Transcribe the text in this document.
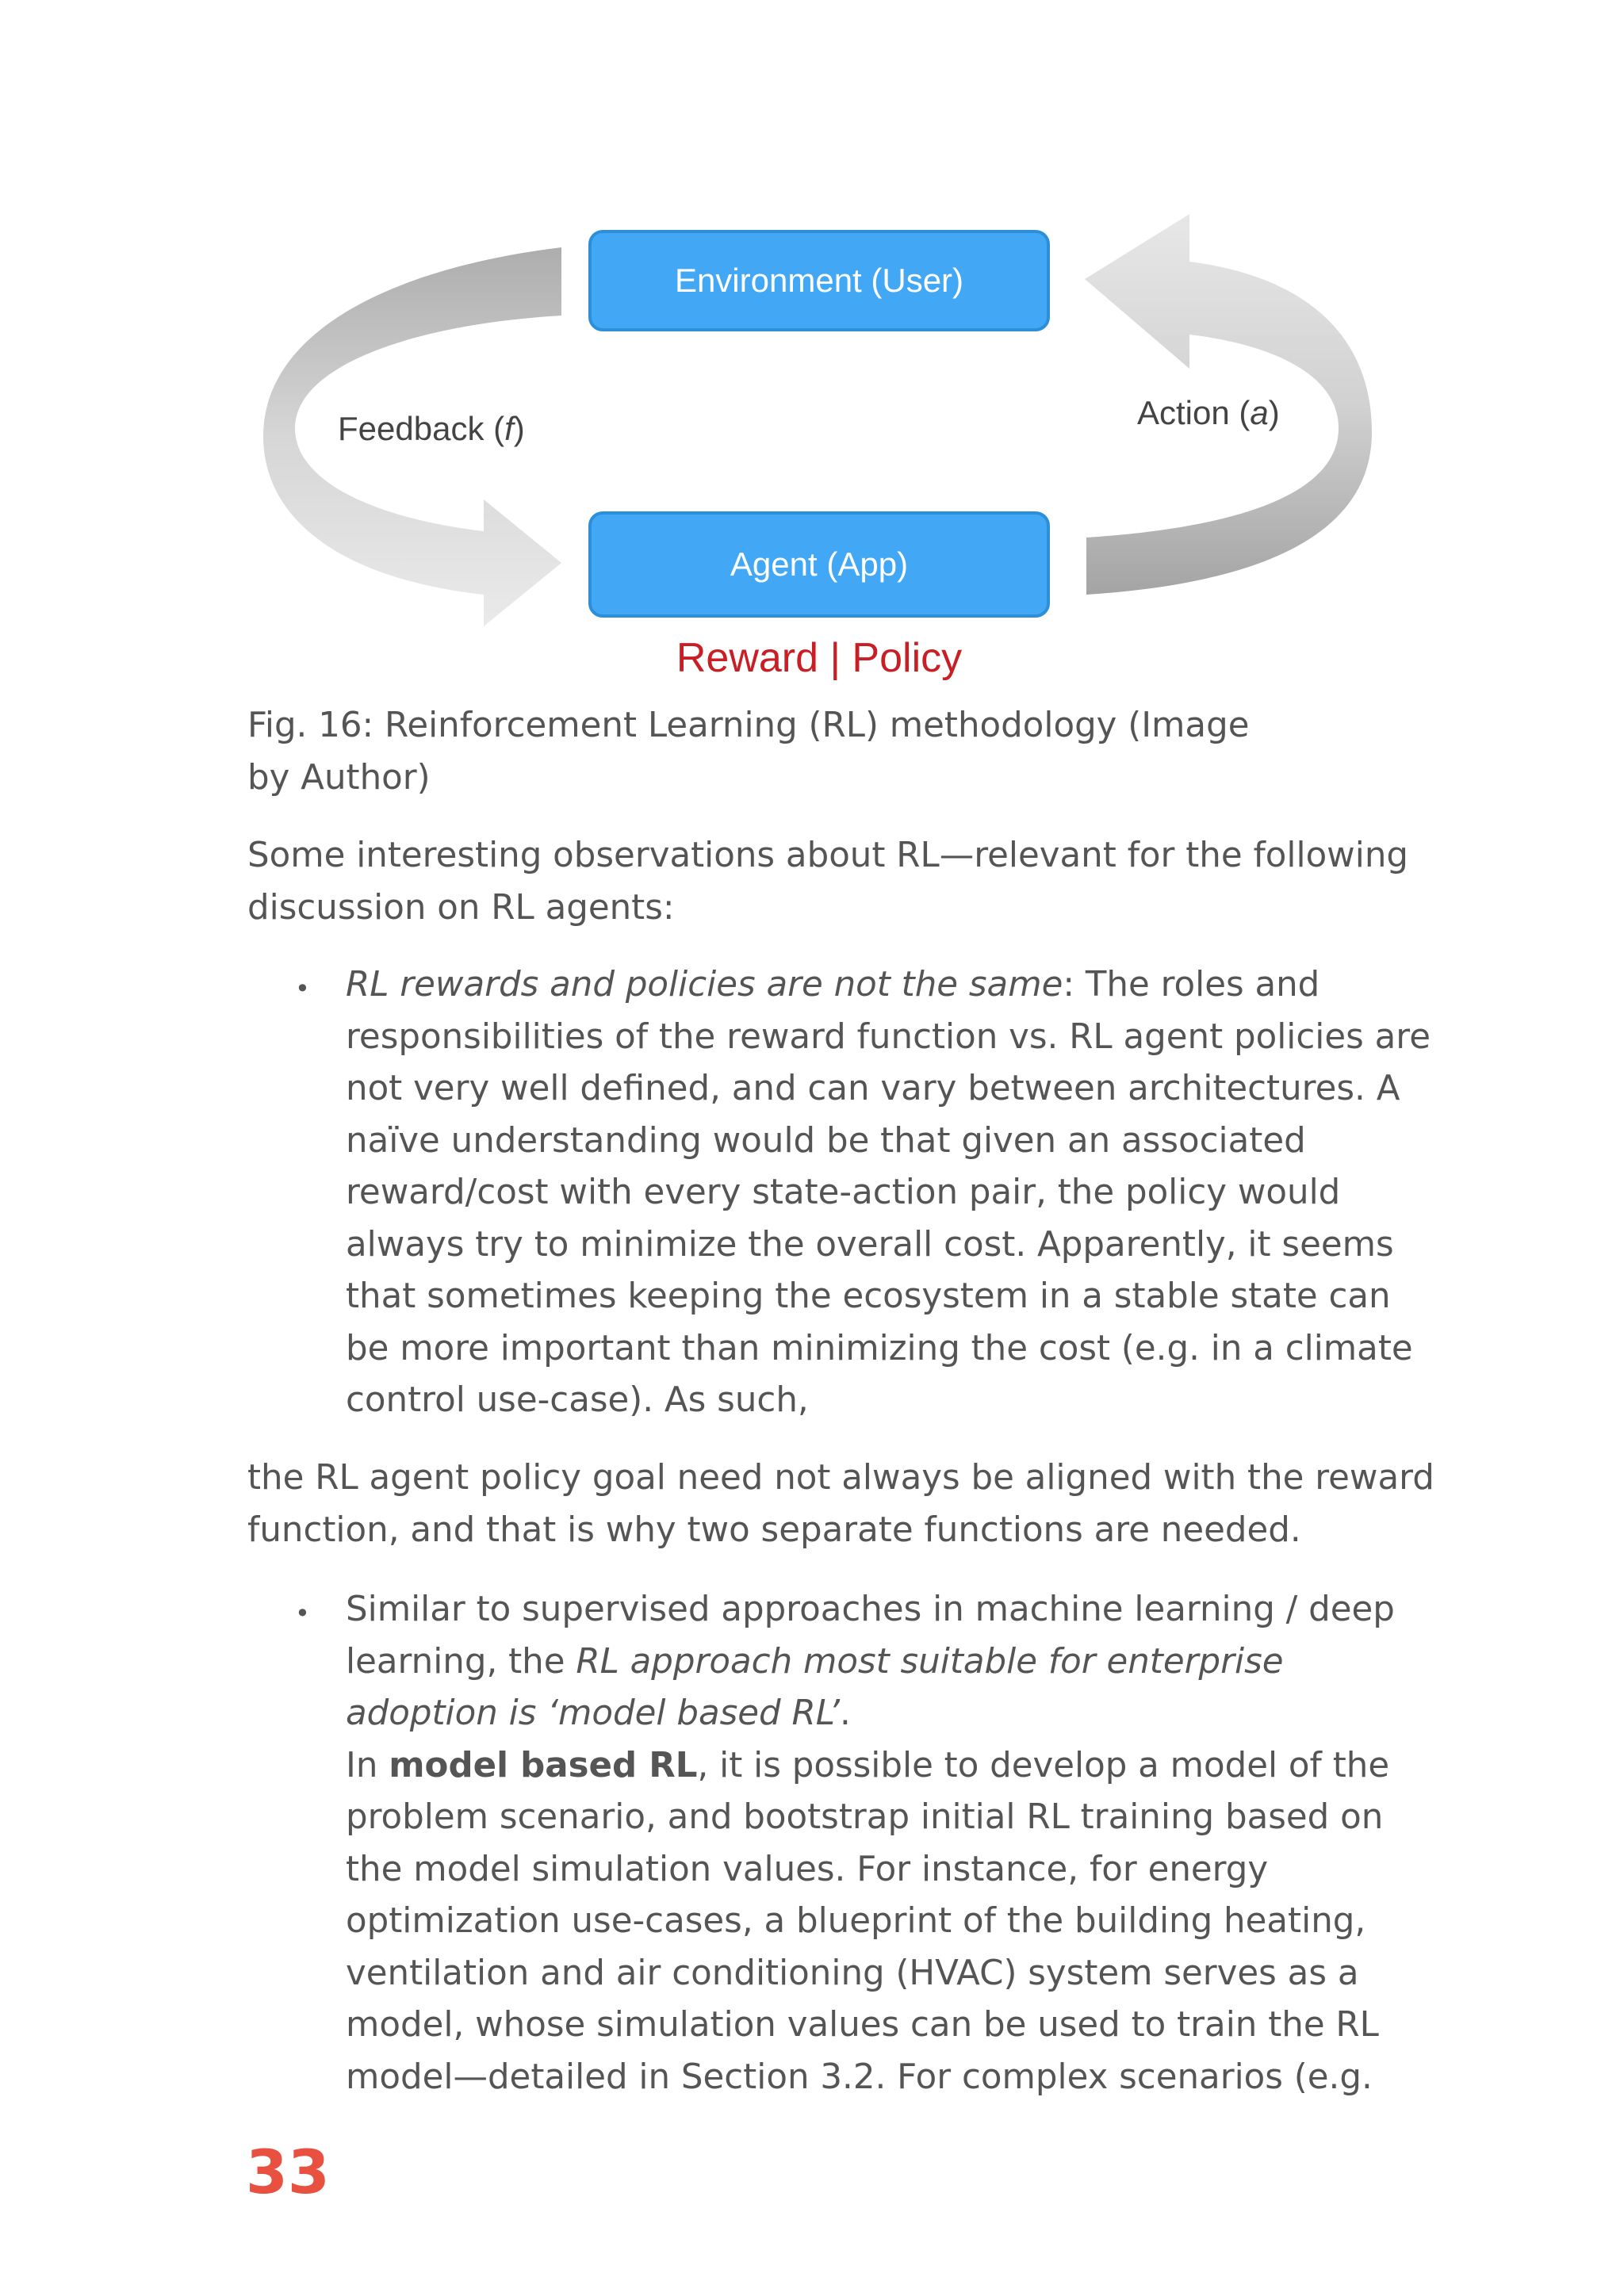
Environment (User)
Agent (App)
Feedback (f)	Action (a)
Reward | Policy
Fig. 16: Reinforcement Learning (RL) methodology (Image
by Author)
Some interesting observations about RL—relevant for the following
discussion on RL agents:
• RL rewards and policies are not the same: The roles and
responsibilities of the reward function vs. RL agent policies are
not very well defined, and can vary between architectures. A
naïve understanding would be that given an associated
reward/cost with every state-action pair, the policy would
always try to minimize the overall cost. Apparently, it seems
that sometimes keeping the ecosystem in a stable state can
be more important than minimizing the cost (e.g. in a climate
control use-case). As such,
the RL agent policy goal need not always be aligned with the reward
function, and that is why two separate functions are needed.
• Similar to supervised approaches in machine learning / deep
learning, the RL approach most suitable for enterprise
adoption is ‘model based RL’.
In model based RL, it is possible to develop a model of the
problem scenario, and bootstrap initial RL training based on
the model simulation values. For instance, for energy
optimization use-cases, a blueprint of the building heating,
ventilation and air conditioning (HVAC) system serves as a
model, whose simulation values can be used to train the RL
model—detailed in Section 3.2. For complex scenarios (e.g.
33
